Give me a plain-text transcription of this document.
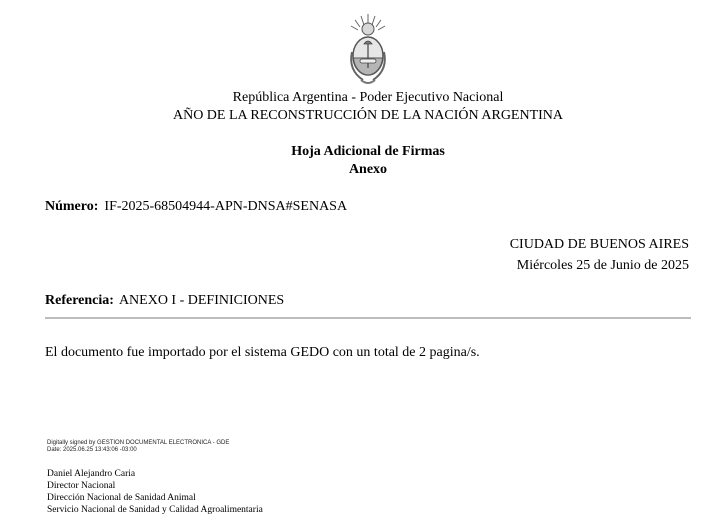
República Argentina - Poder Ejecutivo Nacional
AÑO DE LA RECONSTRUCCIÓN DE LA NACIÓN ARGENTINA
Hoja Adicional de Firmas
Anexo
Número: IF-2025-68504944-APN-DNSA#SENASA
CIUDAD DE BUENOS AIRES
Miércoles 25 de Junio de 2025
Referencia: ANEXO I - DEFINICIONES
El documento fue importado por el sistema GEDO con un total de 2 pagina/s.
Digitally signed by GESTION DOCUMENTAL ELECTRONICA - GDE
Date: 2025.06.25 13:43:06 -03:00
Daniel Alejandro Caria
Director Nacional
Dirección Nacional de Sanidad Animal
Servicio Nacional de Sanidad y Calidad Agroalimentaria
